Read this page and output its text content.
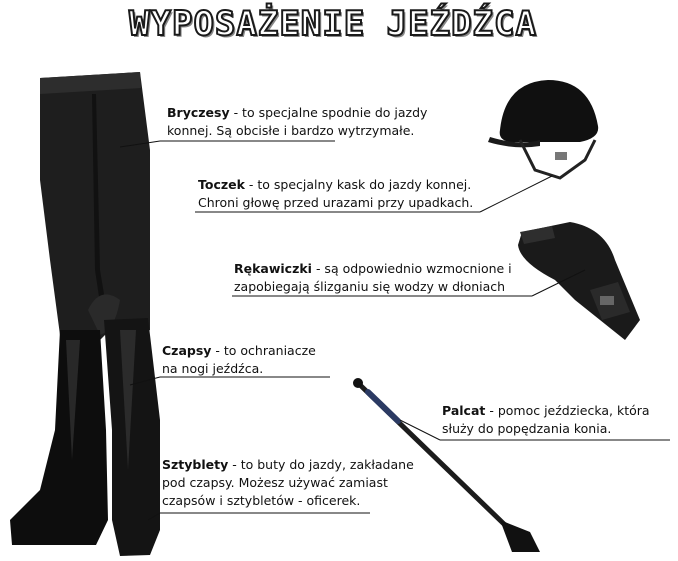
WYPOSAŻENIE JEŹDŹCA
Bryczesy - to specjalne spodnie do jazdy
konnej. Są obcisłe i bardzo wytrzymałe.
Toczek - to specjalny kask do jazdy konnej.
Chroni głowę przed urazami przy upadkach.
Rękawiczki - są odpowiednio wzmocnione i
zapobiegają ślizganiu się wodzy w dłoniach
Czapsy - to ochraniacze
na nogi jeźdźca.
Palcat - pomoc jeździecka, która
służy do popędzania konia.
Sztyblety - to buty do jazdy, zakładane
pod czapsy. Możesz używać zamiast
czapsów i sztybletów - oficerek.
